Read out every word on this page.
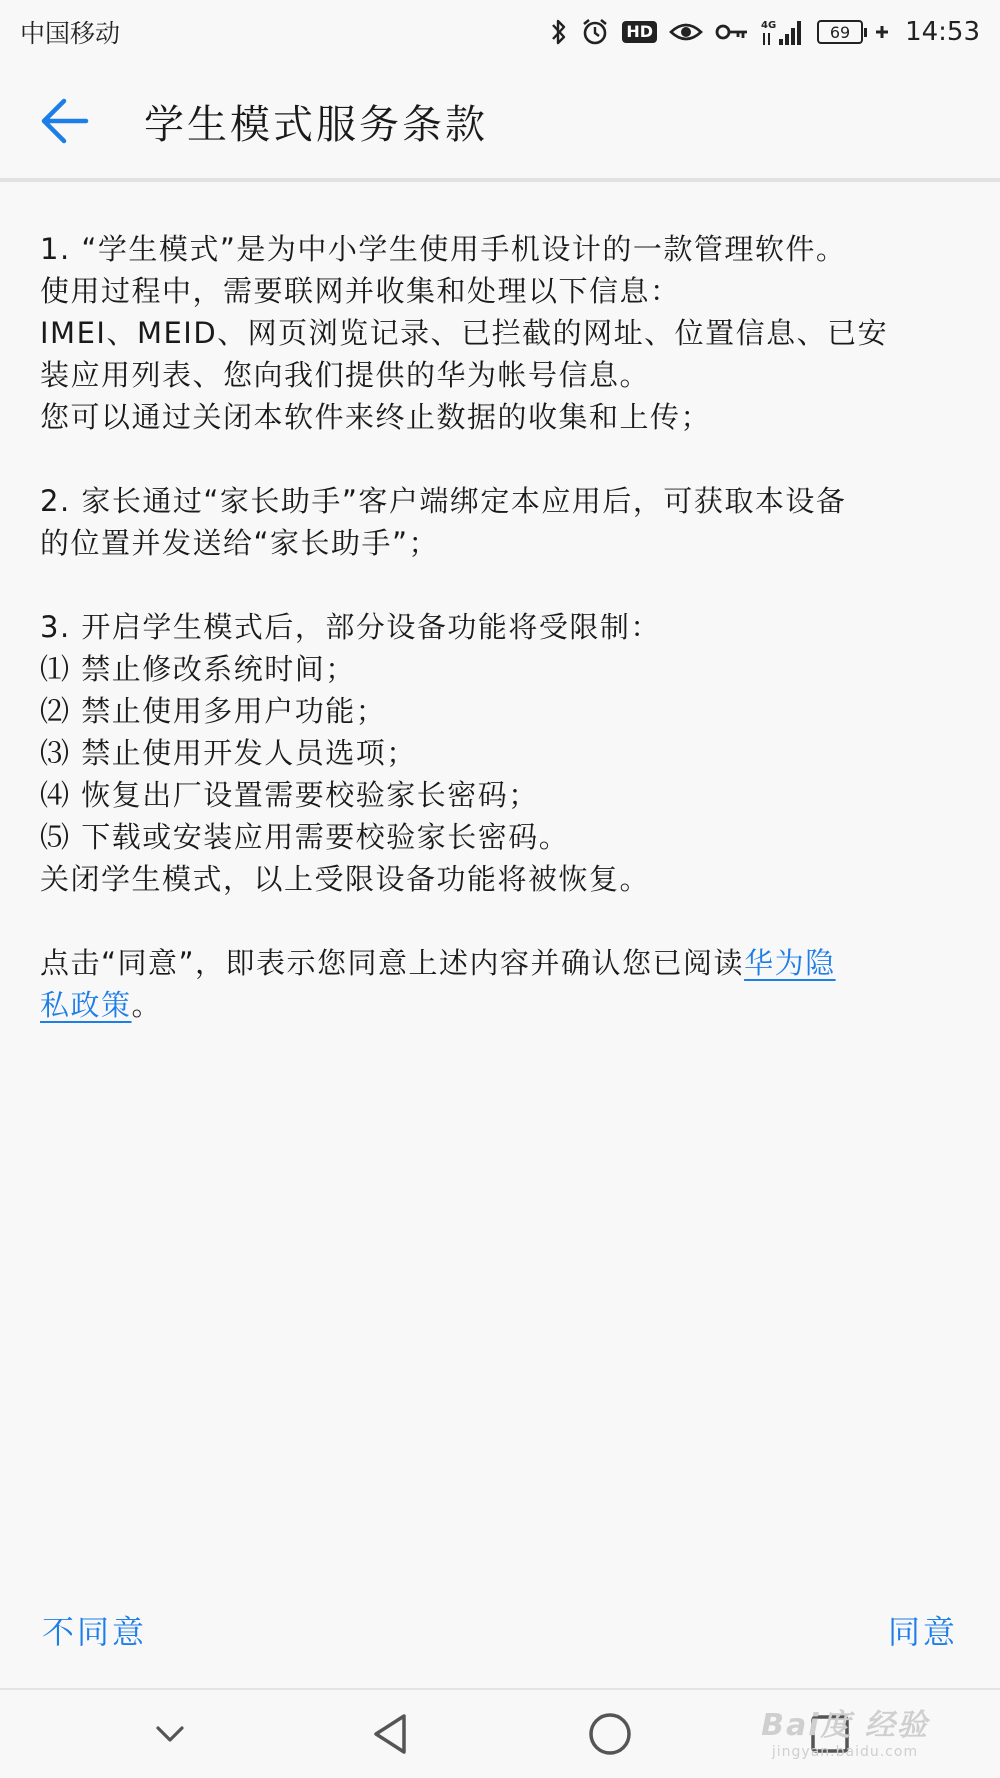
中国移动	HD	4G	69 14:53
学生模式服务条款
1. “学生模式”是为中小学生使用手机设计的一款管理软件。
使用过程中，需要联网并收集和处理以下信息：
IMEI、MEID、网页浏览记录、已拦截的网址、位置信息、已安
装应用列表、您向我们提供的华为帐号信息。
您可以通过关闭本软件来终止数据的收集和上传；
2. 家长通过“家长助手”客户端绑定本应用后，可获取本设备
的位置并发送给“家长助手”；
3. 开启学生模式后，部分设备功能将受限制：
⑴ 禁止修改系统时间；
⑵ 禁止使用多用户功能；
⑶ 禁止使用开发人员选项；
⑷ 恢复出厂设置需要校验家长密码；
⑸ 下载或安装应用需要校验家长密码。
关闭学生模式，以上受限设备功能将被恢复。
点击“同意”，即表示您同意上述内容并确认您已阅读华为隐
私政策。
不同意	同意
Bai度 经验
jingyan.baidu.com
